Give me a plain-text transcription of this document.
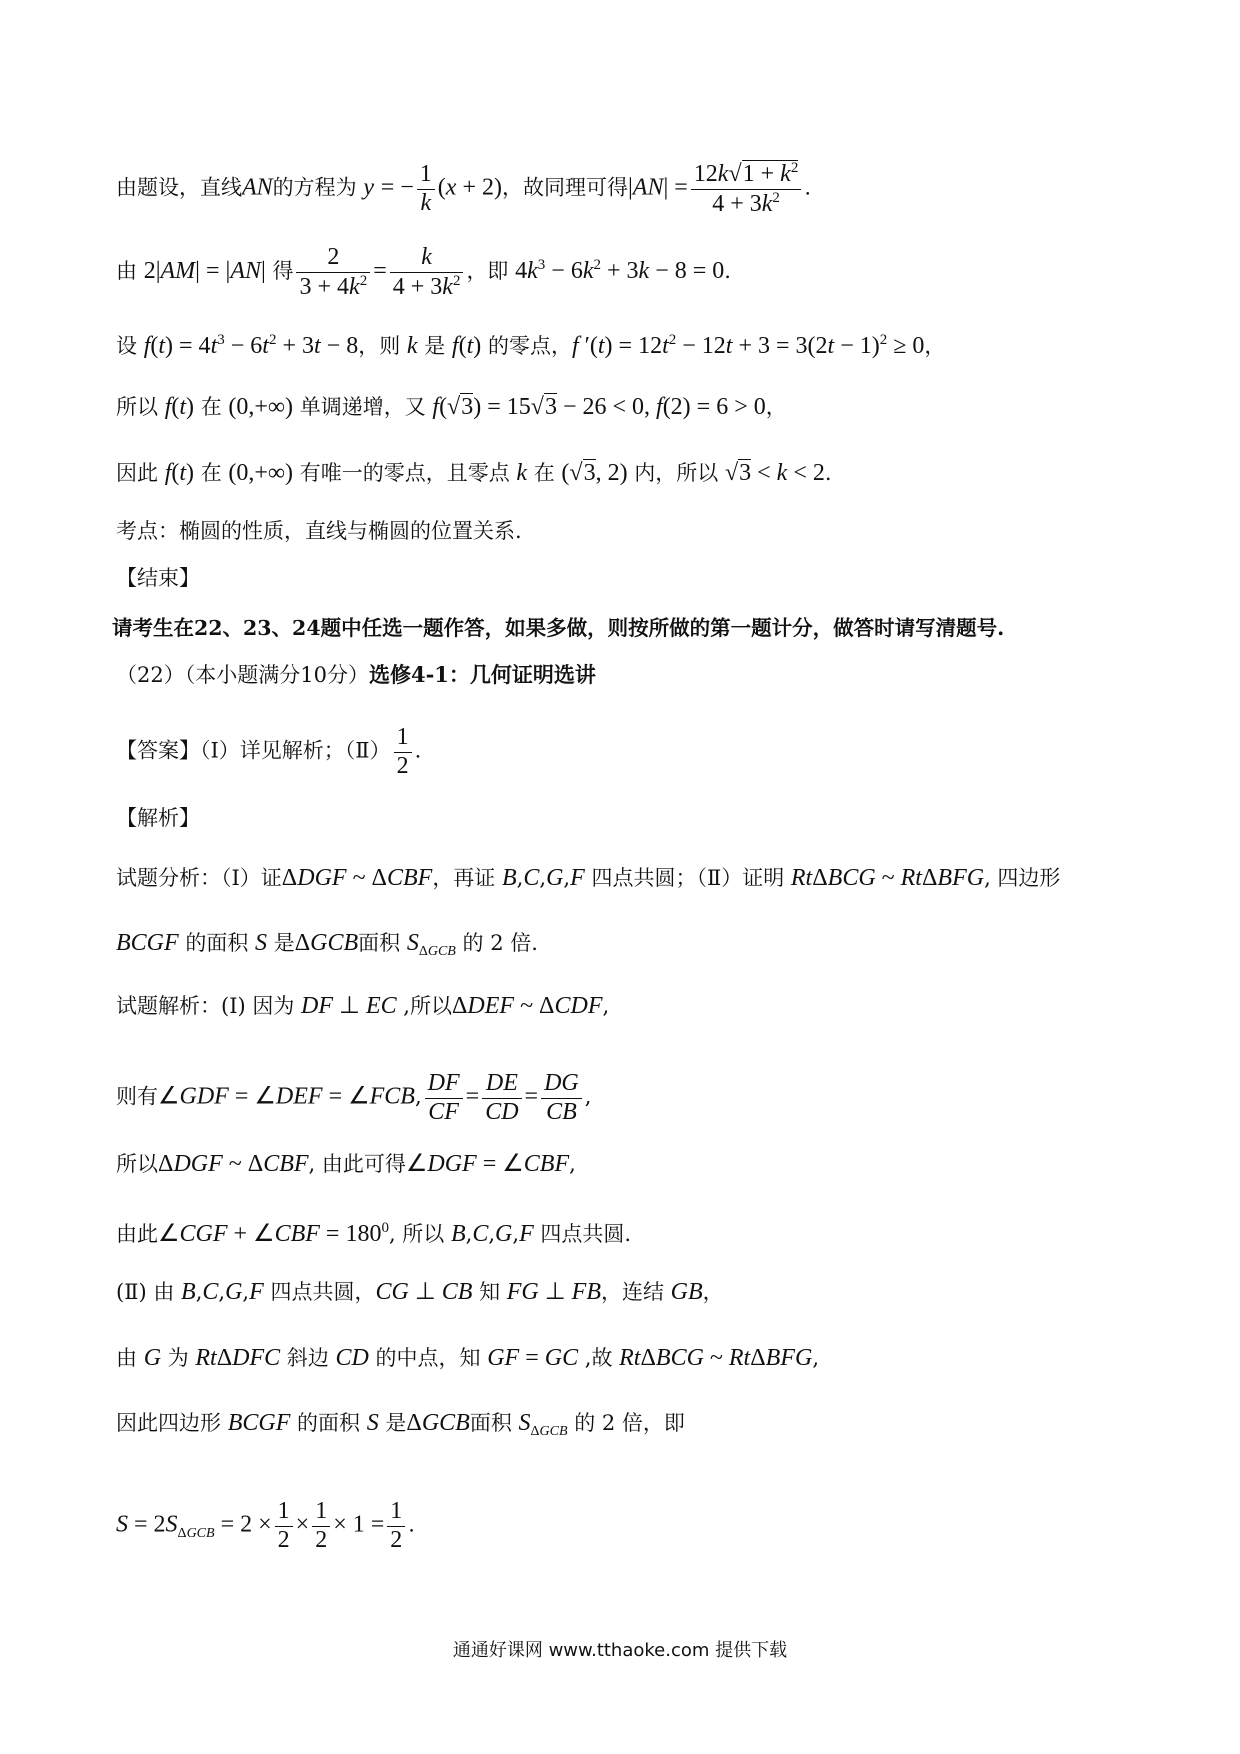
由题设，直线AN的方程为 y = − $\frac{1}{k} (x + 2)$，故同理可得$|AN| = \frac{12k√1 + k^2}{4 + 3k^2}$ .
由 2|AM| = |AN| 得 $\frac{2}{3 + 4k^2} = \frac{k}{4 + 3k^2}$ ，即 $4k^3 - 6k^2 + 3k - 8 = 0$.
设 $f(t) = 4t^3 - 6t^2 + 3t - 8$，则 k 是 f(t) 的零点，f $'(t) = 12t^2 - 12t + 3 = 3(2t - 1)^2 \ge 0$，
所以 f(t) 在 (0,+∞) 单调递增，又 f(√3) = 15√3 − 26 < 0, f(2) = 6 > 0，
因此 f(t) 在 (0,+∞) 有唯一的零点，且零点 k 在 (√3, 2) 内，所以 √3 < k < 2.
考点：椭圆的性质，直线与椭圆的位置关系.
【结束】
请考生在22、23、24题中任选一题作答，如果多做，则按所做的第一题计分，做答时请写清题号.
（22）（本小题满分10分）选修4-1：几何证明选讲
【答案】（Ⅰ）详见解析；（Ⅱ） $\frac{1}{2}$ .
【解析】
试题分析：（Ⅰ）证ΔDGF ~ ΔCBF，再证 B,C,G,F 四点共圆；（Ⅱ）证明 RtΔBCG ~ RtΔBFG, 四边形
BCGF 的面积 S 是ΔGCB面积 $S_{\Delta GCB}$ 的 2 倍.
试题解析：(Ⅰ) 因为 DF ⊥ EC ,所以ΔDEF ~ ΔCDF,
则有∠GDF = ∠DEF = ∠FCB, $\frac{DF}{CF} = \frac{DE}{CD} = \frac{DG}{CB}$ ,
所以ΔDGF ~ ΔCBF, 由此可得∠DGF = ∠CBF,
由此∠CGF + ∠CBF = $180^0$, 所以 B,C,G,F 四点共圆.
(Ⅱ) 由 B,C,G,F 四点共圆，CG ⊥ CB 知 FG ⊥ FB，连结 GB，
由 G 为 RtΔDFC 斜边 CD 的中点，知 GF = GC ,故 RtΔBCG ~ RtΔBFG,
因此四边形 BCGF 的面积 S 是ΔGCB面积 $S_{\Delta GCB}$ 的 2 倍，即
$S = 2S_{\Delta GCB} = 2 \times \frac{1}{2} \times \frac{1}{2} \times 1 = \frac{1}{2}$ .
通通好课网 www.tthaoke.com 提供下载
